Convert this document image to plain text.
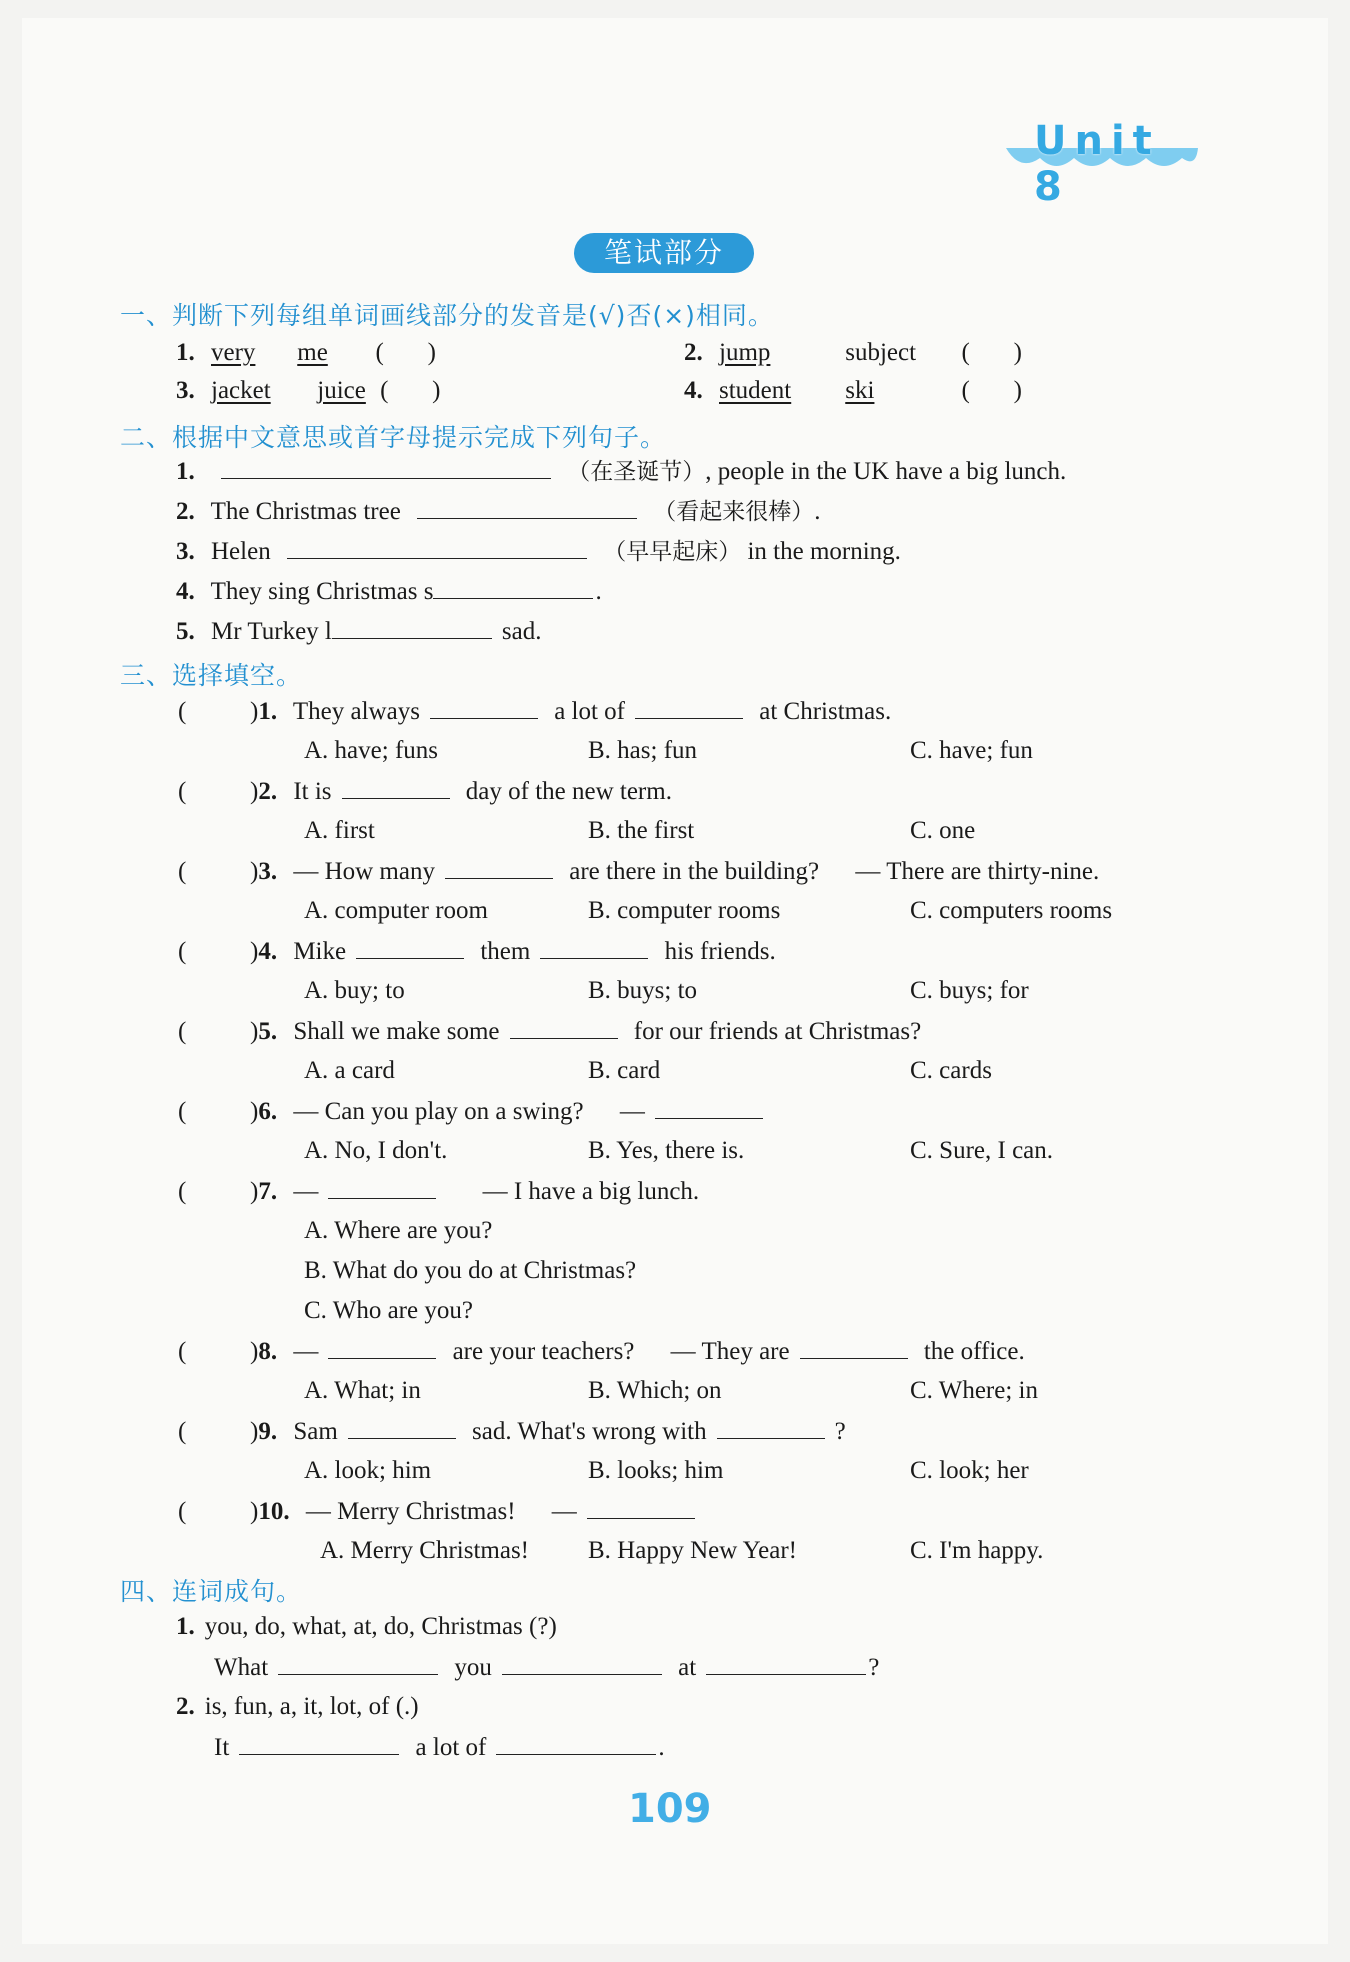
Unit 8
笔试部分
一、判断下列每组单词画线部分的发音是(√)否(×)相同。
1. very me (       )	2. jump	subject (       )
3. jacket juice (       )	4. student ski	(       )
二、根据中文意思或首字母提示完成下列句子。
1.	（在圣诞节）, people in the UK have a big lunch.
2. The Christmas tree	（看起来很棒）.
3. Helen	（早早起床） in the morning.
4. They sing Christmas s	.
5. Mr Turkey l	sad.
三、选择填空。
(	)1. They always	a lot of	at Christmas.
A. have; funs	B. has; fun	C. have; fun
(	)2. It is	day of the new term.
A. first	B. the first	C. one
(	)3. — How many	are there in the building? — There are thirty-nine.
A. computer room	B. computer rooms	C. computers rooms
(	)4. Mike	them	his friends.
A. buy; to	B. buys; to	C. buys; for
(	)5. Shall we make some	for our friends at Christmas?
A. a card	B. card	C. cards
(	)6. — Can you play on a swing? —
A. No, I don't.	B. Yes, there is.	C. Sure, I can.
(	)7. —	— I have a big lunch.
A. Where are you?
B. What do you do at Christmas?
C. Who are you?
(	)8. —	are your teachers? — They are	the office.
A. What; in	B. Which; on	C. Where; in
(	)9. Sam	sad. What's wrong with	?
A. look; him	B. looks; him	C. look; her
(	)10. — Merry Christmas! —
A. Merry Christmas! B. Happy New Year!	C. I'm happy.
四、连词成句。
1. you, do, what, at, do, Christmas (?)
What	you	at	?
2. is, fun, a, it, lot, of (.)
It	a lot of	.
109
